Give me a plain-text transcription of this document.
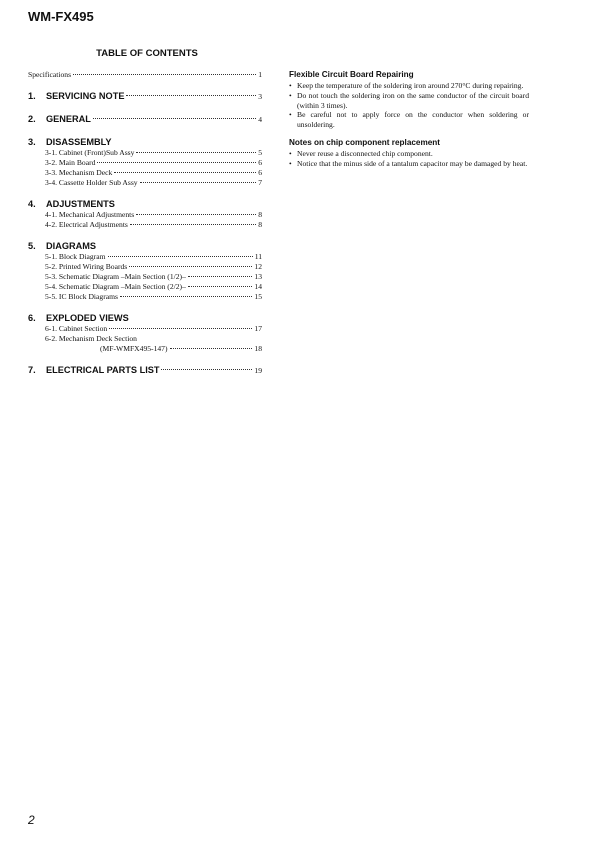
WM-FX495
TABLE OF CONTENTS
Specifications	1
1. SERVICING NOTE	3
2. GENERAL	4
3. DISASSEMBLY
3-1. Cabinet (Front)Sub Assy	5
3-2. Main Board	6
3-3. Mechanism Deck	6
3-4. Cassette Holder Sub Assy	7
4. ADJUSTMENTS
4-1. Mechanical Adjustments	8
4-2. Electrical Adjustments	8
5. DIAGRAMS
5-1. Block Diagram	11
5-2. Printed Wiring Boards	12
5-3. Schematic Diagram –Main Section (1/2)–	13
5-4. Schematic Diagram –Main Section (2/2)–	14
5-5. IC Block Diagrams	15
6. EXPLODED VIEWS
6-1. Cabinet Section	17
6-2. Mechanism Deck Section
(MF-WMFX495-147)	18
7. ELECTRICAL PARTS LIST	19
Flexible Circuit Board Repairing
• Keep the temperature of the soldering iron around 270°C during repairing.
• Do not touch the soldering iron on the same conductor of the circuit board (within 3 times).
• Be careful not to apply force on the conductor when soldering or unsoldering.
Notes on chip component replacement
• Never reuse a disconnected chip component.
• Notice that the minus side of a tantalum capacitor may be damaged by heat.
2
